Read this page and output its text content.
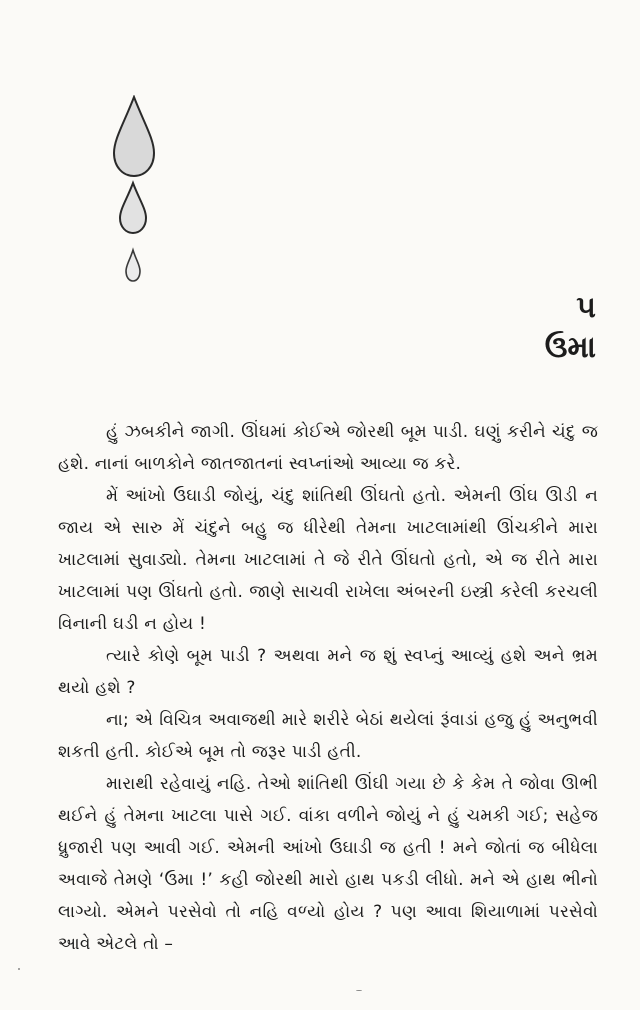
૫
ઉમા

હું ઝબકીને જાગી. ઊંઘમાં કોઈએ જોરથી બૂમ પાડી. ઘણું કરીને ચંદુ જ હશે. નાનાં બાળકોને જાતજાતનાં સ્વપ્નાંઓ આવ્યા જ કરે.

મેં આંખો ઉઘાડી જોયું, ચંદુ શાંતિથી ઊંઘતો હતો. એમની ઊંઘ ઊડી ન જાય એ સારુ મેં ચંદુને બહુ જ ધીરેથી તેમના ખાટલામાંથી ઊંચકીને મારા ખાટલામાં સુવાડ્યો. તેમના ખાટલામાં તે જે રીતે ઊંઘતો હતો, એ જ રીતે મારા ખાટલામાં પણ ઊંઘતો હતો. જાણે સાચવી રાખેલા અંબરની ઇસ્ત્રી કરેલી કરચલી વિનાની ઘડી ન હોય !

ત્યારે કોણે બૂમ પાડી ? અથવા મને જ શું સ્વપ્નું આવ્યું હશે અને ભ્રમ થયો હશે ?

ના; એ વિચિત્ર અવાજથી મારે શરીરે બેઠાં થયેલાં રૂંવાડાં હજુ હું અનુભવી શકતી હતી. કોઈએ બૂમ તો જરૂર પાડી હતી.

મારાથી રહેવાયું નહિ. તેઓ શાંતિથી ઊંઘી ગયા છે કે કેમ તે જોવા ઊભી થઈને હું તેમના ખાટલા પાસે ગઈ. વાંકા વળીને જોયું ને હું ચમકી ગઈ; સહેજ ધ્રુજારી પણ આવી ગઈ. એમની આંખો ઉઘાડી જ હતી ! મને જોતાં જ બીધેલા અવાજે તેમણે ‘ઉમા !’ કહી જોરથી મારો હાથ પકડી લીધો. મને એ હાથ ભીનો લાગ્યો. એમને પરસેવો તો નહિ વળ્યો હોય ? પણ આવા શિયાળામાં પરસેવો આવે એટલે તો –
